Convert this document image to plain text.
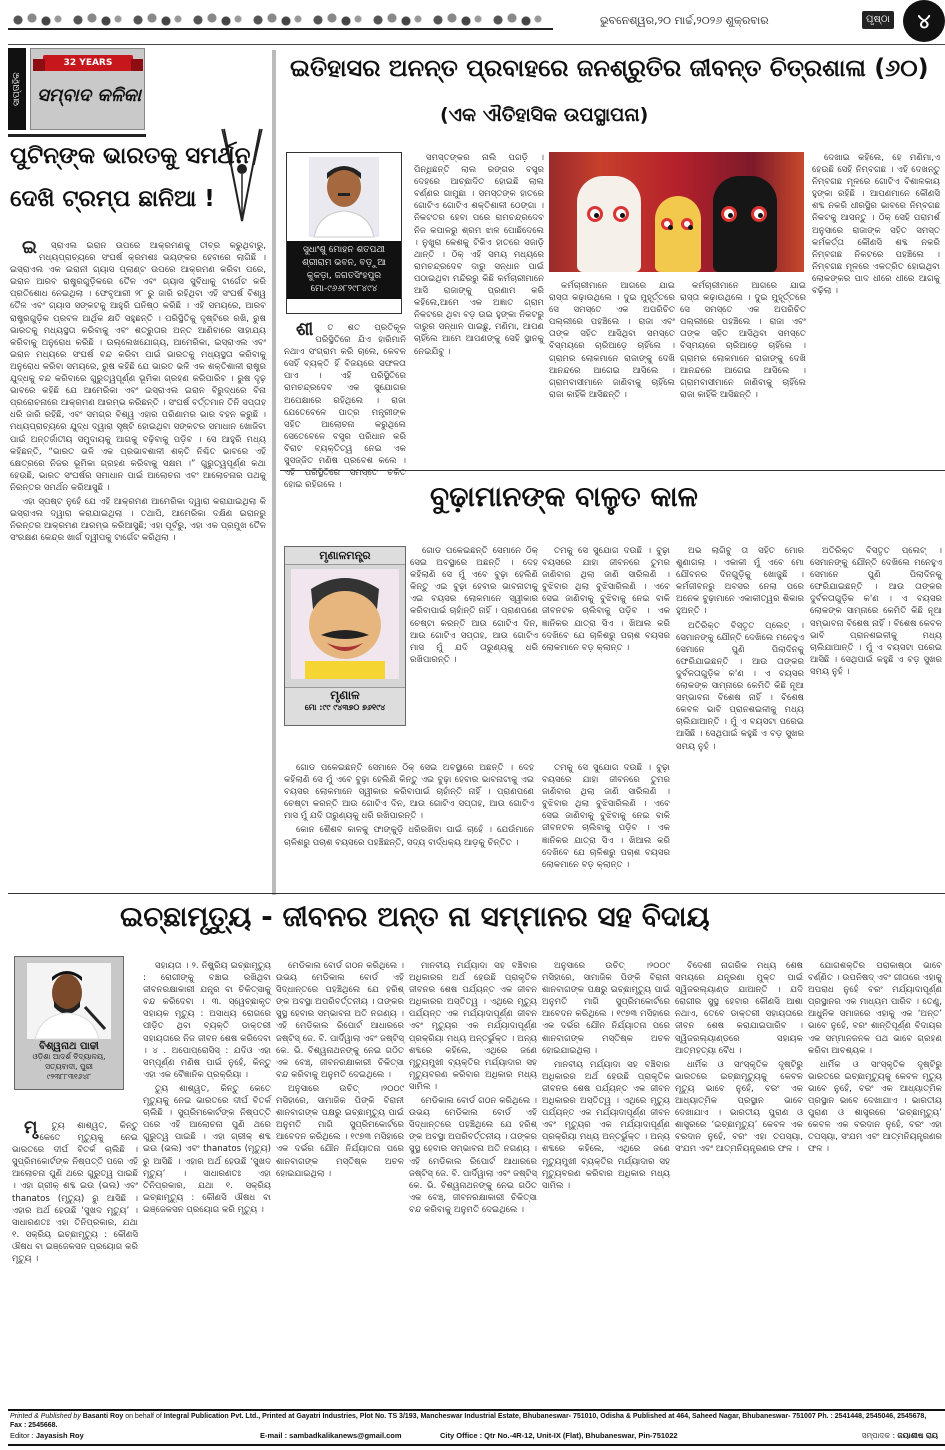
ଭୁବନେଶ୍ୱର,୨୦ ମାର୍ଚ୍ଚ,୨୦୨୬ ଶୁକ୍ରବାର	ପୃଷ୍ଠା	୪
ସାପ୍ତାହିକ
32 YEARS
ସମ୍ବାଦ କଳିକା
ପୁଟିନ୍‌ଙ୍କ ଭାରତକୁ ସମର୍ଥନ
ଦେଖି ଟ୍ରମ୍ପ ଛାନିଆ !

ଇ ସ୍ରାଏଲ ଇରାନ ଉପରେ ଆକ୍ରମଣକୁ ତୀବ୍ର କରୁଥିବାରୁ, ମଧ୍ୟପ୍ରାଚ୍ୟରେ ସଂଘର୍ଷ କ୍ରମଶଃ ଭୟଙ୍କର ହେବାରେ ଲାଗିଛି । ଇସ୍ରାଏଲ ଏକ ଇରାନୀ ଗ୍ୟାସ ପ୍ଲାଣ୍ଟ ଉପରେ ଆକ୍ରମଣ କରିବା ପରେ, ଇରାନ ଆରବ ରାଷ୍ଟ୍ରଗୁଡ଼ିକରେ ତୈଳ ଏବଂ ଗ୍ୟାସ ସୁବିଧାକୁ ଟାର୍ଗେଟ କରି ପ୍ରତିଶୋଧ ନେଇଥିଲା । ଫେବୃଆରୀ ୨୮ ରୁ ଜାରି ରହିଥିବା ଏହି ସଂଘର୍ଷ ବିଶ୍ୱ ତୈଳ ଏବଂ ଗ୍ୟାସ ସଙ୍କଟକୁ ଆହୁରି ଘନିଷ୍ଠ କରିଛି । ଏହି ସମୟରେ, ଆରବ ରାଷ୍ଟ୍ରଗୁଡ଼ିକ ପ୍ରବଳ ଆର୍ଥିକ କ୍ଷତି ସହୁଛନ୍ତି । ପରିସ୍ଥିତିକୁ ଦୃଷ୍ଟିରେ ରଖି, ରୁଷ ଭାରତକୁ ମଧ୍ୟସ୍ଥତା କରିବାକୁ ଏବଂ ଶତ୍ରୁତାର ଅନ୍ତ ଆଣିବାରେ ସାହାଯ୍ୟ କରିବାକୁ ଅନୁରୋଧ କରିଛି । ଉଲ୍ଲେଖଯୋଗ୍ୟ, ଆମେରିକା, ଇସ୍ରାଏଲ ଏବଂ ଇରାନ ମଧ୍ୟରେ ସଂଘର୍ଷ ବନ୍ଦ କରିବା ପାଇଁ ଭାରତକୁ ମଧ୍ୟସ୍ଥତା କରିବାକୁ ଅନୁରୋଧ କରିବା ସମୟରେ, ରୁଷ କହିଛି ଯେ ଭାରତ ଭଳି ଏକ ଶକ୍ତିଶାଳୀ ରାଷ୍ଟ୍ର ଯୁଦ୍ଧକୁ ବନ୍ଦ କରିବାରେ ଗୁରୁତ୍ୱପୂର୍ଣ୍ଣ ଭୂମିକା ଗ୍ରହଣ କରିପାରିବ । ରୁଷ ଦୃଢ଼ ଭାବରେ କହିଛି ଯେ ଆମେରିକା ଏବଂ ଇସ୍ରାଏଲ ଇରାନ ବିରୁଦ୍ଧରେ ବିନା ପ୍ରରୋଚନାରେ ଆକ୍ରମଣ ଆରମ୍ଭ କରିଛନ୍ତି । ସଂଘର୍ଷ ବର୍ତ୍ତମାନ ତିନି ସପ୍ତାହ ଧରି ଜାରି ରହିଛି, ଏବଂ ସମଗ୍ର ବିଶ୍ୱ ଏହାର ପରିଣାମର ଭାର ବହନ କରୁଛି । ମଧ୍ୟପ୍ରାଚ୍ୟରେ ଯୁଦ୍ଧ ଦ୍ୱାରା ସୃଷ୍ଟି ହୋଇଥିବା ସଙ୍କଟର ସମାଧାନ ଖୋଜିବା ପାଇଁ ଅନ୍ତର୍ଜାତୀୟ ସମୁଦାୟକୁ ଆଗକୁ ବଢ଼ିବାକୁ ପଡ଼ିବ । ସେ ଆହୁରି ମଧ୍ୟ କହିଛନ୍ତି, “ଭାରତ ଭଳି ଏକ ପ୍ରଭାବଶାଳୀ ଶକ୍ତି ନିଶ୍ଚିତ ଭାବରେ ଏହି କ୍ଷେତ୍ରରେ ନିଜର ଭୂମିକା ଗ୍ରହଣ କରିବାକୁ ସକ୍ଷମ ।” ଗୁରୁତ୍ୱପୂର୍ଣ୍ଣ କଥା ହେଉଛି, ଭାରତ ସଂଘର୍ଷର ସମାଧାନ ପାଇଁ ଆଲୋଚନା ଏବଂ ଆଲୋଚନାର ପଥକୁ ନିରନ୍ତର ସମର୍ଥନ କରିଆସୁଛି ।

ଏହା ସ୍ପଷ୍ଟ ନୁହେଁ ଯେ ଏହି ଆକ୍ରମଣ ଆମେରିକା ଦ୍ୱାରା କରାଯାଇଥିଲା କି ଇସ୍ରାଏଲ ଦ୍ୱାରା କରାଯାଇଥିଲା । ତଥାପି, ଆମେରିକା ଦକ୍ଷିଣ ଇରାନରୁ ନିରନ୍ତର ଆକ୍ରମଣ ଆରମ୍ଭ କରିଆସୁଛି; ଏହା ପୂର୍ବରୁ, ଏହା ଏକ ପ୍ରମୁଖ ତୈଳ ସଂରକ୍ଷଣ କେନ୍ଦ୍ର ଖାର୍ଗ ଦ୍ୱୀପକୁ ଟାର୍ଗେଟ କରିଥିଲା ।

ଇତିହାସର ଅନନ୍ତ ପ୍ରବାହରେ ଜନଶ୍ରୁତିର ଜୀବନ୍ତ ଚିତ୍ରଶାଳା (୬୦)
(ଏକ ଐତିହାସିକ ଉପସ୍ଥାପନା)
ସୁଧାଂଶୁ ମୋହନ ଶତପଥୀ
ଶ୍ରୀରାମ ଭବନ, ବଡ଼ୁଆ
କୁକଡ଼ା, ଜଗତସିଂହପୁର
ମୋ-୯୬୬୮୨୯୮୪୯୪

ଶୀ ତ ଶତ ପ୍ରତିକୂଳ ପରିସ୍ଥିତିରେ ଯିଏ ହାରିମାନି ନଥାଏ ସଂଗ୍ରାମ କରି ଚାଲେ, କେବଳ ସେହିଁ ବ୍ୟକ୍ତି ହିଁ ବିଜୟରେ ସଫଳତା ପାଏ । ଏହି ପରିସ୍ଥିତିରେ ରାମଚନ୍ଦ୍ରଦେବ ଏକ ସୁଯୋଗର ଅପେକ୍ଷାରେ ରହିଥିଲେ । ରାଜା ଯେତେବେଳେ ପାତ୍ର ମନ୍ତ୍ରୀଙ୍କ ସହିତ ଆଲୋଚନା କରୁଥିଲେ ସେତେବେଳେ ବସ୍ତ୍ର ପରିଧାନ କରି ବିରାଟ ବ୍ୟକ୍ତିତ୍ୱ ନେଇ ଏକ ସୁସଜ୍ଜିତ ମଣିଷ ପ୍ରବେଶ କଲେ । ଏହି ପରିସ୍ଥିତିରେ ସମସ୍ତେ ଚକିତ ହୋଇ ରହିଗଲେ ।

ସମସ୍ତଙ୍କର ନାଲି ପଗଡ଼ି । ପିନ୍ଧିଛନ୍ତି ଲାଲ ରଙ୍ଗର ବସ୍ତ୍ର ଦେହରେ ଆଚ୍ଛାଦିତ ହୋଇଛି ଲାଲ ବର୍ଣ୍ଣର ଗାମୁଛା । ସମସ୍ତଙ୍କ ହାତରେ ଗୋଟିଏ ଗୋଟିଏ ଶକ୍ତିଶାଳୀ ଠେଙ୍ଗା । ନିକଟତର ହେବା ପରେ ରାମଚନ୍ଦ୍ରଦେବ ନିଜ କପାଳରୁ ଶ୍ରମ ଝାଳ ପୋଛିଦେଲେ । ନୁଖୁରା କେଶକୁ ଟିକିଏ ହାତରେ ସଜାଡ଼ି ଥାନ୍ତି । ଠିକ୍ ଏହି ସମୟ ମଧ୍ୟରେ ରାମଚନ୍ଦ୍ରଦେବ ଦାରୁ ସନ୍ଧାନ ପାଇଁ ପଠାଇଥିବା ମନ୍ଦିରରୁ କିଛି କର୍ମଚାରୀମାନେ ଆସି ରାଜାଙ୍କୁ ପ୍ରଣାମ କରି କହିଲେ,ଆମେ ଏକ ଅଜ୍ଞାତ ଗ୍ରାମ ନିକଟରେ ଥିବା ବଡ଼ ଉଇ ହୁଙ୍କା ନିକଟରୁ ଦାରୁର ସନ୍ଧାନ ପାଇଛୁ, ମଣିମା, ଆପଣ ଚାହିଁଲେ ଆମେ ଆପଣଙ୍କୁ ସେହି ସ୍ଥାନକୁ ନେଇଯିବୁ ।

କର୍ମଚାରୀମାନେ ଆଗରେ ଯାଇ ରାସ୍ତା କଢ଼ାଉଥିଲେ । ଦୁଇ ମୁହୂର୍ତ୍ତରେ ସେ ସମସ୍ତେ ଏକ ଅପରିଚିତ ପଲ୍ଲୀରେ ପହଞ୍ଚିଲେ । ରାଜା ଏବଂ ତାଙ୍କ ସହିତ ଆସିଥିବା ସମସ୍ତେ ବିସ୍ମୟରେ ଚାରିଆଡ଼େ ଚାହିଁଲେ । ଗ୍ରାମର ଲୋକମାନେ ରାଜାଙ୍କୁ ଦେଖି ଆନନ୍ଦରେ ଆଗେଇ ଆସିଲେ । ଗ୍ରାମବାସୀମାନେ ଜାଣିବାକୁ ଚାହିଁଲେ ରାଜା କାହିଁକି ଆସିଛନ୍ତି ।

କର୍ମଚାରୀମାନେ ଆଗରେ ଯାଇ ରାସ୍ତା କଢ଼ାଉଥିଲେ । ଦୁଇ ମୁହୂର୍ତ୍ତରେ ସେ ସମସ୍ତେ ଏକ ଅପରିଚିତ ପଲ୍ଲୀରେ ପହଞ୍ଚିଲେ । ରାଜା ଏବଂ ତାଙ୍କ ସହିତ ଆସିଥିବା ସମସ୍ତେ ବିସ୍ମୟରେ ଚାରିଆଡ଼େ ଚାହିଁଲେ । ଗ୍ରାମର ଲୋକମାନେ ରାଜାଙ୍କୁ ଦେଖି ଆନନ୍ଦରେ ଆଗେଇ ଆସିଲେ । ଗ୍ରାମବାସୀମାନେ ଜାଣିବାକୁ ଚାହିଁଲେ ରାଜା କାହିଁକି ଆସିଛନ୍ତି ।

ଦେଖାଇ କହିଲେ, ହେ ମଣିମା,ଏ ହେଉଛି ସେହି ନିମ୍ବଗଛ । ଏହି ଦେଖନ୍ତୁ ନିମ୍ବଗଛ ମୂଳରେ ଗୋଟିଏ ବିଶାଳକାୟ ହୁଙ୍କା ରହିଛି । ଆପଣମାନେ କୌଣସି ଶବ୍ଦ ନକରି ଧୀରସ୍ଥିର ଭାବରେ ନିମ୍ବଗଛ ନିକଟକୁ ଆସନ୍ତୁ । ଠିକ୍ ସେହି ପରାମର୍ଶ ଅନୁସାରେ ରାଜାଙ୍କ ସହିତ ସମସ୍ତ କର୍ମକର୍ତ୍ତା କୌଣସି ଶବ୍ଦ ନକରି ନିମ୍ବଗଛ ନିକଟରେ ପହଞ୍ଚିଲେ । ନିମ୍ବଗଛ ମୂଳରେ ଏକତ୍ରିତ ହୋଇଥିବା ଲୋକଙ୍କର ପାଦ ଧୀରେ ଧୀରେ ଆଗକୁ ବଢ଼ିଲା ।

ବୁଢ଼ାମାନଙ୍କ ବାଳୁତ କାଳ
ମୃଣାଳମନ୍ତ୍ର
ମୃଣାଳ
ମୋ :୯୯ ୯୪୩୭୦ ୭୬୧୯୪

ଗୋଡ ପକେଇଛନ୍ତି ସେମାନେ ଠିକ୍ ସେଇ ଅବସ୍ଥାରେ ଅଛନ୍ତି । ଦେହ କହିଲାଣି ସେ ମୁଁ ଏବେ ବୁଢ଼ା ହେଲିଣି କିନ୍ତୁ ଏଇ ବୁଢ଼ା ହେବାର ଭାବନାଟାକୁ ଏଇ ବୟସର ଲୋକମାନେ ସ୍ୱୀକାର କରିବାପାଇଁ ଚାହାଁନ୍ତି ନାହିଁ । ପ୍ରାଣପଣେ ଚେଷ୍ଟା କରନ୍ତି ଆଉ ଗୋଟିଏ ଦିନ, ଆଉ ଗୋଟିଏ ସପ୍ତାହ, ଆଉ ଗୋଟିଏ ମାସ ମୁଁ ଯଦି ତାରୁଣ୍ୟକୁ ଧରି ରଖିପାରନ୍ତି ।

ତମକୁ ସେ ସୁଯୋଗ ଦଉଛି । ବୁଢ଼ା ବୟସରେ ଯାହା ଜୀବନରେ ତୁମର ଜାଣିବାର ଥିଲା ଜାଣି ସାରିଲଣି । ବୁଝିବାର ଥିଲା ବୁଝିସାରିଲଣି । ଏବେ ସେଇ ଜାଣିବାକୁ ବୁଝିବାକୁ ନେଇ ବାକି ଜୀବନଟକ ଚାଲିବାକୁ ପଡ଼ିବ । ଏକ ଜ୍ଞାନିକର ଯାତ୍ରା ସିଏ । ଖିଆଲ କରି ଦେଖିବେ ଯେ ଚାଳିଶରୁ ପଚାଶ ବୟସର ଲୋକମାନେ ବଡ଼ କ୍ଲାନ୍ତ ।

ଅଭ ଲାଗିବୁ ତା ସହିତ ମୋର ଶୁଣାଗଲା । ଏକାକୀ ମୁଁ ଏବେ ମୋ ଯୌବନର ଦିନଗୁଡ଼ିକୁ ଖୋଜୁଛି । କର୍ମଜୀବନରୁ ଅବସର ନେଲା ପରେ ଅନେକ ବୁଢ଼ାମାନେ ଏକାକୀତ୍ୱର ଶିକାର ହୁଅନ୍ତି ।

ଅତିରିକ୍ତ ବିସ୍ତୃତ ପ୍ଲେଟ୍ । ସେମାନଙ୍କୁ ଯୌନ୍ତି ଦେଖିଲେ ମନେହୁଏ ସେମାନେ ପୁଣି ପିଲାଦିନକୁ ଫେରିଯାଇଛନ୍ତି । ଆଉ ତାଙ୍କର ଦୁର୍ବଳତାଗୁଡ଼ିକ କ'ଣ । ଏ ବୟସର ଲୋକଙ୍କ ସାମ୍ନାରେ କେମିତି କିଛି ନୂଆ ସମ୍ଭାବନା ବିଶେଷ ନାହିଁ । ବିଶେଷ କେବଳ ଭାବି ପ୍ରାନଶଇଳୀକୁ ମଧ୍ୟ ଚାଲିଯାଆନ୍ତି । ମୁଁ ଏ ବୟସଟା ପରେଇ ଆସିଛି । ସେଥିପାଇଁ କହୁଛି ଏ ବଡ଼ ସୁଖର ସମୟ ନୁହଁ ।

ଅତିରିକ୍ତ ବିସ୍ତୃତ ପ୍ଲେଟ୍ । ସେମାନଙ୍କୁ ଯୌନ୍ତି ଦେଖିଲେ ମନେହୁଏ ସେମାନେ ପୁଣି ପିଲାଦିନକୁ ଫେରିଯାଇଛନ୍ତି । ଆଉ ତାଙ୍କର ଦୁର୍ବଳତାଗୁଡ଼ିକ କ'ଣ । ଏ ବୟସର ଲୋକଙ୍କ ସାମ୍ନାରେ କେମିତି କିଛି ନୂଆ ସମ୍ଭାବନା ବିଶେଷ ନାହିଁ । ବିଶେଷ କେବଳ ଭାବି ପ୍ରାନଶଇଳୀକୁ ମଧ୍ୟ ଚାଲିଯାଆନ୍ତି । ମୁଁ ଏ ବୟସଟା ପରେଇ ଆସିଛି । ସେଥିପାଇଁ କହୁଛି ଏ ବଡ଼ ସୁଖର ସମୟ ନୁହଁ ।

ଗୋଡ ପକେଇଛନ୍ତି ସେମାନେ ଠିକ୍ ସେଇ ଅବସ୍ଥାରେ ଅଛନ୍ତି । ଦେହ କହିଲାଣି ସେ ମୁଁ ଏବେ ବୁଢ଼ା ହେଲିଣି କିନ୍ତୁ ଏଇ ବୁଢ଼ା ହେବାର ଭାବନାଟାକୁ ଏଇ ବୟସର ଲୋକମାନେ ସ୍ୱୀକାର କରିବାପାଇଁ ଚାହାଁନ୍ତି ନାହିଁ । ପ୍ରାଣପଣେ ଚେଷ୍ଟା କରନ୍ତି ଆଉ ଗୋଟିଏ ଦିନ, ଆଉ ଗୋଟିଏ ସପ୍ତାହ, ଆଉ ଗୋଟିଏ ମାସ ମୁଁ ଯଦି ତାରୁଣ୍ୟକୁ ଧରି ରଖିପାରନ୍ତି ।

କୋନ ଶୈଶବ କାଳକୁ ଫାଙ୍କୁଡ଼ି ଧରିରଖିବା ପାଇଁ ଚାହେଁ । ଯେଉଁମାନେ ଚାଳିଶରୁ ପଚାଶ ବୟସରେ ପହଞ୍ଚିଛନ୍ତି, ସଦ୍ୟ ବାର୍ଦ୍ଧକ୍ୟ ଆଡ଼କୁ ଚିନ୍ତିତ ।

ତମକୁ ସେ ସୁଯୋଗ ଦଉଛି । ବୁଢ଼ା ବୟସରେ ଯାହା ଜୀବନରେ ତୁମର ଜାଣିବାର ଥିଲା ଜାଣି ସାରିଲଣି । ବୁଝିବାର ଥିଲା ବୁଝିସାରିଲଣି । ଏବେ ସେଇ ଜାଣିବାକୁ ବୁଝିବାକୁ ନେଇ ବାକି ଜୀବନଟକ ଚାଲିବାକୁ ପଡ଼ିବ । ଏକ ଜ୍ଞାନିକର ଯାତ୍ରା ସିଏ । ଖିଆଲ କରି ଦେଖିବେ ଯେ ଚାଳିଶରୁ ପଚାଶ ବୟସର ଲୋକମାନେ ବଡ଼ କ୍ଲାନ୍ତ ।

ଇଚ୍ଛାମୃତ୍ୟୁ - ଜୀବନର ଅନ୍ତ ନା ସମ୍ମାନର ସହ ବିଦାୟ
ବିଶ୍ୱନାଥ ପାଢୀ
ଓଡ଼ିଶା ଆଦର୍ଶ ବିଦ୍ୟାଳୟ,
ସତ୍ୟବାଦୀ, ପୁରୀ
୯୨୩୮୮୩୧୬୪୮

ମୃ ତ୍ୟୁ ଶାଶ୍ୱତ, କିନ୍ତୁ କେତେ ମୃତ୍ୟୁକୁ ନେଇ ଭାରତରେ ଦୀର୍ଘ ବିତର୍କ ଚାଲିଛି । ସୁପ୍ରିମକୋର୍ଟଙ୍କ ନିଷ୍ପତ୍ତି ପରେ ଏହି ଆଲୋଚନା ପୁଣି ଥରେ ଗୁରୁତ୍ୱ ପାଇଛି । ଏହା ଗ୍ରୀକ୍ ଶବ୍ଦ ଇଉ (ଭଲ) ଏବଂ thanatos (ମୃତ୍ୟୁ) ରୁ ଆସିଛି । ଏହାର ଅର୍ଥ ହେଉଛି ‘ସୁଖଦ ମୃତ୍ୟୁ’ । ସାଧାରଣତଃ ଏହା ତିନିପ୍ରକାର, ଯଥା ୧. ସକ୍ରିୟ ଇଚ୍ଛାମୃତ୍ୟୁ : କୌଣସି ଔଷଧ ବା ଇଞ୍ଜେକସନ ପ୍ରୟୋଗ କରି ମୃତ୍ୟୁ ।

ସହାୟତା । ୨. ନିଷ୍କ୍ରିୟ ଇଚ୍ଛାମୃତ୍ୟୁ : ରୋଗୀଙ୍କୁ ବଞ୍ଚାଇ ରଖିଥିବା ଜୀବନରକ୍ଷାକାରୀ ଯନ୍ତ୍ର ବା ଚିକିତ୍ସାକୁ ବନ୍ଦ କରିଦେବା । ୩. ସ୍ୱେଚ୍ଛାକୃତ ସହାୟକ ମୃତ୍ୟୁ : ଅସାଧ୍ୟ ରୋଗରେ ପୀଡ଼ିତ ଥିବା ବ୍ୟକ୍ତି ଡାକ୍ତରୀ ସହାୟତାରେ ନିଜ ଜୀବନ ଶେଷ କରିଦେବା । ୪ . ଅପୋପ୍ରୋସିସ୍ : ଯଦିଓ ଏହା ସମ୍ପୂର୍ଣ୍ଣ ମଣିଷ ପାଇଁ ନୁହେଁ, କିନ୍ତୁ ଏହା ଏକ ବୈଜ୍ଞାନିକ ପ୍ରକ୍ରିୟା ।

ତ୍ୟୁ ଶାଶ୍ୱତ, କିନ୍ତୁ କେତେ ମୃତ୍ୟୁକୁ ନେଇ ଭାରତରେ ଦୀର୍ଘ ବିତର୍କ ଚାଲିଛି । ସୁପ୍ରିମକୋର୍ଟଙ୍କ ନିଷ୍ପତ୍ତି ପରେ ଏହି ଆଲୋଚନା ପୁଣି ଥରେ ଗୁରୁତ୍ୱ ପାଇଛି । ଏହା ଗ୍ରୀକ୍ ଶବ୍ଦ ଇଉ (ଭଲ) ଏବଂ thanatos (ମୃତ୍ୟୁ) ରୁ ଆସିଛି । ଏହାର ଅର୍ଥ ହେଉଛି ‘ସୁଖଦ ମୃତ୍ୟୁ’ । ସାଧାରଣତଃ ଏହା ତିନିପ୍ରକାର, ଯଥା ୧. ସକ୍ରିୟ ଇଚ୍ଛାମୃତ୍ୟୁ : କୌଣସି ଔଷଧ ବା ଇଞ୍ଜେକସନ ପ୍ରୟୋଗ କରି ମୃତ୍ୟୁ ।

ମେଡିକାଲ ବୋର୍ଡ ଗଠନ କରିଥିଲେ । ଉଭୟ ମେଡିକାଲ ବୋର୍ଡ ଏହି ସିଦ୍ଧାନ୍ତରେ ପହଞ୍ଚିଥିଲେ ଯେ ହରିଶ୍ ଙ୍କ ଅବସ୍ଥା ଅପରିବର୍ତ୍ତନୀୟ । ତାଙ୍କର ସୁସ୍ଥ ହେବାର ସମ୍ଭାବନା ଅତି ନଗଣ୍ୟ ।ଏହି ମେଡିକାଲ ରିପୋର୍ଟ ଆଧାରରେ ଜଷ୍ଟିସ୍ ଜେ. ବି. ପାର୍ଦିୱାଲା ଏବଂ ଜଷ୍ଟିସ୍ କେ. ଭି. ବିଶ୍ୱନାଥନଙ୍କୁ ନେଇ ଗଠିତ ଏକ ବେଞ୍ଚ୍, ଜୀବନରକ୍ଷାକାରୀ ଚିକିତ୍ସା ବନ୍ଦ କରିବାକୁ ଅନୁମତି ଦେଇଥିଲେ ।

ଅନୁସାରେ ଉଚିତ୍ ।୨୦୦୯ ମସିହାରେ, ସାମାଜିକ ପିଙ୍କି ବିରାନୀ ଶାନବାଗଙ୍କ ପକ୍ଷରୁ ଇଚ୍ଛାମୃତ୍ୟୁ ପାଇଁ ଅନୁମତି ମାଗି ସୁପ୍ରିମକୋର୍ଟରେ ଆବେଦନ କରିଥିଲେ । ୧୯୭୩ ମସିହାରେ ଏକ ଦର୍ଭର ଯୌନ ନିର୍ଯ୍ୟାତନା ପରେ ଶାନବାଗଙ୍କ ମସ୍ତିଷ୍କ ଅଚଳ ହୋଇଯାଇଥିଲା ।

ମାନବୀୟ ମର୍ଯ୍ୟାଦା ସହ ବଞ୍ଚିବାର ଅଧିକାରର ଅର୍ଥ ହେଉଛି ପ୍ରାକୃତିକ ଜୀବନର ଶେଷ ପର୍ଯ୍ୟନ୍ତ ଏକ ଜୀବନ ଅଧିକାରର ଅସ୍ତିତ୍ୱ । ଏଥିରେ ମୃତ୍ୟୁ ପର୍ଯ୍ୟନ୍ତ ଏକ ମର୍ଯ୍ୟାଦାପୂର୍ଣ୍ଣ ଜୀବନ ଏବଂ ମୃତ୍ୟୁର ଏକ ମର୍ଯ୍ୟାଦାପୂର୍ଣ୍ଣ ପ୍ରକ୍ରିୟା ମଧ୍ୟ ଅନ୍ତର୍ଭୁକ୍ତ । ଅନ୍ୟ ଶବ୍ଦରେ କହିଲେ, ଏଥିରେ ଜଣେ ମୃତ୍ୟୁମୁଖୀ ବ୍ୟକ୍ତିର ମର୍ଯ୍ୟାଦାର ସହ ମୃତ୍ୟୁବରଣ କରିବାର ଅଧିକାର ମଧ୍ୟ ସାମିଲ ।

ମେଡିକାଲ ବୋର୍ଡ ଗଠନ କରିଥିଲେ । ଉଭୟ ମେଡିକାଲ ବୋର୍ଡ ଏହି ସିଦ୍ଧାନ୍ତରେ ପହଞ୍ଚିଥିଲେ ଯେ ହରିଶ୍ ଙ୍କ ଅବସ୍ଥା ଅପରିବର୍ତ୍ତନୀୟ । ତାଙ୍କର ସୁସ୍ଥ ହେବାର ସମ୍ଭାବନା ଅତି ନଗଣ୍ୟ ।ଏହି ମେଡିକାଲ ରିପୋର୍ଟ ଆଧାରରେ ଜଷ୍ଟିସ୍ ଜେ. ବି. ପାର୍ଦିୱାଲା ଏବଂ ଜଷ୍ଟିସ୍ କେ. ଭି. ବିଶ୍ୱନାଥନଙ୍କୁ ନେଇ ଗଠିତ ଏକ ବେଞ୍ଚ୍, ଜୀବନରକ୍ଷାକାରୀ ଚିକିତ୍ସା ବନ୍ଦ କରିବାକୁ ଅନୁମତି ଦେଇଥିଲେ ।

ଅନୁସାରେ ଉଚିତ୍ ।୨୦୦୯ ମସିହାରେ, ସାମାଜିକ ପିଙ୍କି ବିରାନୀ ଶାନବାଗଙ୍କ ପକ୍ଷରୁ ଇଚ୍ଛାମୃତ୍ୟୁ ପାଇଁ ଅନୁମତି ମାଗି ସୁପ୍ରିମକୋର୍ଟରେ ଆବେଦନ କରିଥିଲେ । ୧୯୭୩ ମସିହାରେ ଏକ ଦର୍ଭର ଯୌନ ନିର୍ଯ୍ୟାତନା ପରେ ଶାନବାଗଙ୍କ ମସ୍ତିଷ୍କ ଅଚଳ ହୋଇଯାଇଥିଲା ।

ମାନବୀୟ ମର୍ଯ୍ୟାଦା ସହ ବଞ୍ଚିବାର ଅଧିକାରର ଅର୍ଥ ହେଉଛି ପ୍ରାକୃତିକ ଜୀବନର ଶେଷ ପର୍ଯ୍ୟନ୍ତ ଏକ ଜୀବନ ଅଧିକାରର ଅସ୍ତିତ୍ୱ । ଏଥିରେ ମୃତ୍ୟୁ ପର୍ଯ୍ୟନ୍ତ ଏକ ମର୍ଯ୍ୟାଦାପୂର୍ଣ୍ଣ ଜୀବନ ଏବଂ ମୃତ୍ୟୁର ଏକ ମର୍ଯ୍ୟାଦାପୂର୍ଣ୍ଣ ପ୍ରକ୍ରିୟା ମଧ୍ୟ ଅନ୍ତର୍ଭୁକ୍ତ । ଅନ୍ୟ ଶବ୍ଦରେ କହିଲେ, ଏଥିରେ ଜଣେ ମୃତ୍ୟୁମୁଖୀ ବ୍ୟକ୍ତିର ମର୍ଯ୍ୟାଦାର ସହ ମୃତ୍ୟୁବରଣ କରିବାର ଅଧିକାର ମଧ୍ୟ ସାମିଲ ।

ବିଦେଶୀ ନାଗରିକ ମଧ୍ୟ ଶେଷ ସମୟରେ ଯନ୍ତ୍ରଣା ମୁକ୍ତ ପାଇଁ ସ୍ୱିଜରଲ୍ୟାଣ୍ଡ ଯାଆନ୍ତି । ଯଦି ରୋଗୀର ସୁସ୍ଥ ହେବାର କୌଣସି ଆଶା ନଥାଏ, ତେବେ ଡାକ୍ତରୀ ସହାୟତାରେ ଜୀବନ ଶେଷ କରାଯାଇପାରିବ । ସ୍ୱିଜରଲ୍ୟାଣ୍ଡରେ ସହାୟକ ଆତ୍ମହତ୍ୟା ବୈଧ ।

ଧାର୍ମିକ ଓ ସାଂସ୍କୃତିକ ଦୃଷ୍ଟିରୁ ଭାରତରେ ଇଚ୍ଛାମୃତ୍ୟୁକୁ କେବଳ ମୃତ୍ୟୁ ଭାବେ ନୁହେଁ, ବରଂ ଏକ ଆଧ୍ୟାତ୍ମିକ ପ୍ରସ୍ଥାନ ଭାବେ ଦେଖାଯାଏ । ଭାରତୀୟ ପୁରାଣ ଓ ଶାସ୍ତ୍ରରେ ‘ଇଚ୍ଛାମୃତ୍ୟୁ’ କେବଳ ଏକ ବରଦାନ ନୁହେଁ, ବରଂ ଏହା ତପସ୍ୟା, ସଂଯମ ଏବଂ ଆତ୍ମନିୟନ୍ତ୍ରଣର ଫଳ ।

ଯୋଗଶକ୍ତିର ପରାକାଷ୍ଠା ଭାବେ ବର୍ଣ୍ଣିତ । ଉପନିଷଦ୍ ଏବଂ ଗୀତାରେ ଏହାକୁ ଅପରାଧ ନୁହେଁ ବରଂ ମର୍ଯ୍ୟାଦାପୂର୍ଣ୍ଣ ପ୍ରସ୍ଥାନର ଏକ ମାଧ୍ୟମ ପାରିବ । ତେଣୁ, ଆଧୁନିକ ସମାଜରେ ଏହାକୁ ଏକ ‘ଅନ୍ତ’ ଭାବେ ନୁହେଁ, ବରଂ ଶାନ୍ତିପୂର୍ଣ୍ଣ ବିଦାୟର ଏକ ସମ୍ମାନଜନକ ପଥ ଭାବେ ଗ୍ରହଣ କରିବା ଆବଶ୍ୟକ ।

ଧାର୍ମିକ ଓ ସାଂସ୍କୃତିକ ଦୃଷ୍ଟିରୁ ଭାରତରେ ଇଚ୍ଛାମୃତ୍ୟୁକୁ କେବଳ ମୃତ୍ୟୁ ଭାବେ ନୁହେଁ, ବରଂ ଏକ ଆଧ୍ୟାତ୍ମିକ ପ୍ରସ୍ଥାନ ଭାବେ ଦେଖାଯାଏ । ଭାରତୀୟ ପୁରାଣ ଓ ଶାସ୍ତ୍ରରେ ‘ଇଚ୍ଛାମୃତ୍ୟୁ’ କେବଳ ଏକ ବରଦାନ ନୁହେଁ, ବରଂ ଏହା ତପସ୍ୟା, ସଂଯମ ଏବଂ ଆତ୍ମନିୟନ୍ତ୍ରଣର ଫଳ ।

Printed & Published by Basanti Roy on behalf of Integral Publication Pvt. Ltd., Printed at Gayatri Industries, Plot No. TS 3/193, Mancheswar Industrial Estate, Bhubaneswar- 751010, Odisha & Published at 464, Saheed Nagar, Bhubaneswar- 751007 Ph. : 2541448, 2545046, 2545678, Fax : 2545668.
Editor : Jayasish Roy	E-mail : sambadkalikanews@gmail.com	City Office : Qtr No.-4R-12, Unit-IX (Flat), Bhubaneswar, Pin-751022	ସମ୍ପାଦକ : ଜୟାଶୀଷ ରାୟ
